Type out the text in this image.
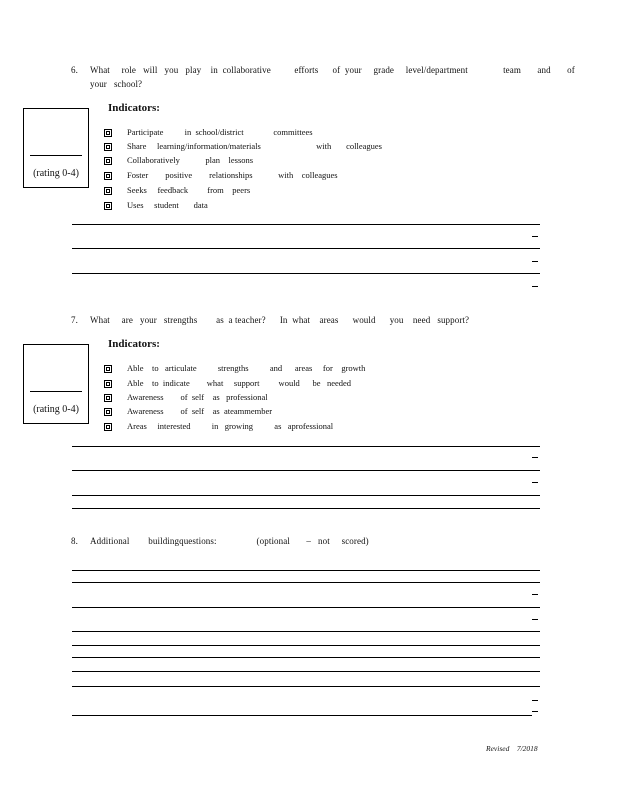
6. What     role   will   you   play    in  collaborative          efforts      of  your     grade     level/department               team       and       of
your   school?
Indicators:
(rating 0-4)
Participate          in  school/district              committees
Share     learning/information/materials                          with       colleagues
Collaboratively            plan    lessons
Foster        positive        relationships            with    colleagues
Seeks     feedback         from    peers
Uses     student       data
7. What     are   your   strengths        as  a teacher?      In  what    areas      would      you    need   support?
Indicators:
(rating 0-4)
Able    to   articulate          strengths          and      areas     for    growth
Able    to  indicate        what     support         would      be   needed
Awareness        of  self    as   professional
Awareness        of  self    as  ateammember
Areas     interested          in   growing          as   aprofessional
8. Additional        buildingquestions:                 (optional       –   not     scored)
Revised    7/2018
